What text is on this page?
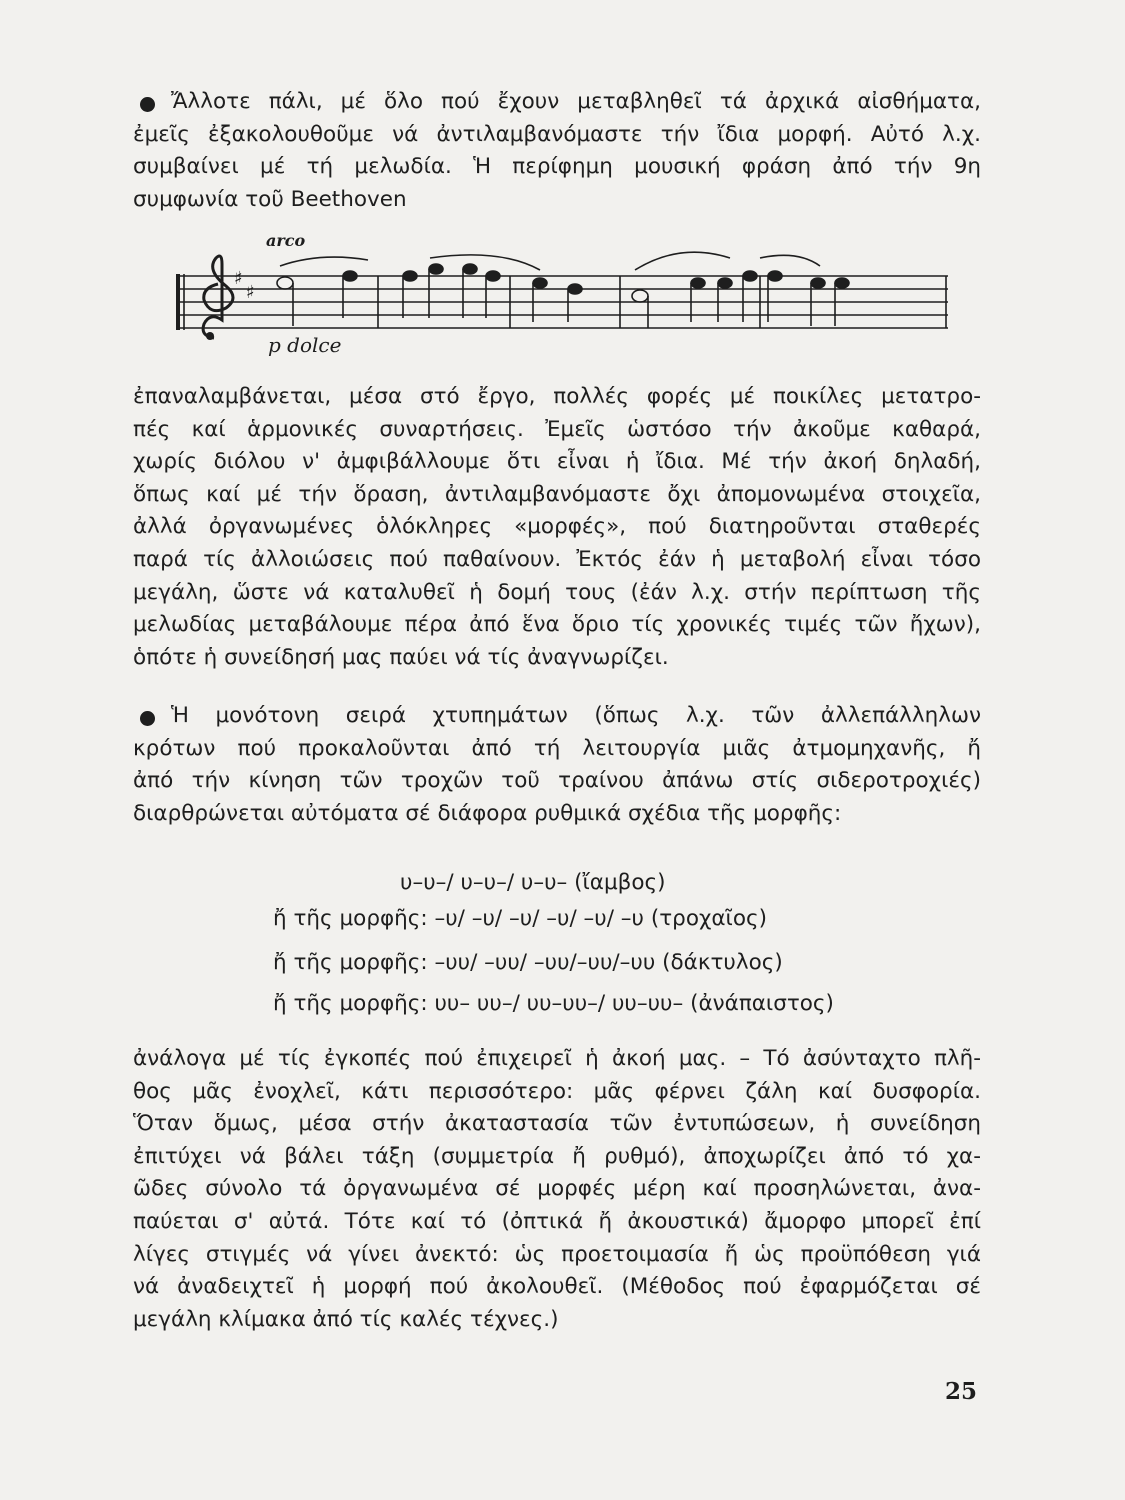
Ἄλλοτε πάλι, μέ ὅλο πού ἔχουν μεταβληθεῖ τά ἀρχικά αἰσθήματα,
ἐμεῖς ἐξακολουθοῦμε νά ἀντιλαμβανόμαστε τήν ἴδια μορφή. Αὐτό λ.χ.
συμβαίνει μέ τή μελωδία. Ἡ περίφημη μουσική φράση ἀπό τήν 9η
συμφωνία τοῦ Beethoven

♯
♯
arco
p dolce

ἐπαναλαμβάνεται, μέσα στό ἔργο, πολλές φορές μέ ποικίλες μετατρο-
πές καί ἁρμονικές συναρτήσεις. Ἐμεῖς ὡστόσο τήν ἀκοῦμε καθαρά,
χωρίς διόλου ν' ἀμφιβάλλουμε ὅτι εἶναι ἡ ἴδια. Μέ τήν ἀκοή δηλαδή,
ὅπως καί μέ τήν ὅραση, ἀντιλαμβανόμαστε ὄχι ἀπομονωμένα στοιχεῖα,
ἀλλά ὀργανωμένες ὁλόκληρες «μορφές», πού διατηροῦνται σταθερές
παρά τίς ἀλλοιώσεις πού παθαίνουν. Ἐκτός ἐάν ἡ μεταβολή εἶναι τόσο
μεγάλη, ὥστε νά καταλυθεῖ ἡ δομή τους (ἐάν λ.χ. στήν περίπτωση τῆς
μελωδίας μεταβάλουμε πέρα ἀπό ἕνα ὅριο τίς χρονικές τιμές τῶν ἤχων),
ὁπότε ἡ συνείδησή μας παύει νά τίς ἀναγνωρίζει.

Ἡ μονότονη σειρά χτυπημάτων (ὅπως λ.χ. τῶν ἀλλεπάλληλων
κρότων πού προκαλοῦνται ἀπό τή λειτουργία μιᾶς ἀτμομηχανῆς, ἤ
ἀπό τήν κίνηση τῶν τροχῶν τοῦ τραίνου ἀπάνω στίς σιδεροτροχιές)
διαρθρώνεται αὐτόματα σέ διάφορα ρυθμικά σχέδια τῆς μορφῆς:

υ–υ–/ υ–υ–/ υ–υ– (ἴαμβος)
ἤ τῆς μορφῆς: –υ/ –υ/ –υ/ –υ/ –υ/ –υ (τροχαῖος)
ἤ τῆς μορφῆς: –υυ/ –υυ/ –υυ/–υυ/–υυ (δάκτυλος)
ἤ τῆς μορφῆς: υυ– υυ–/ υυ–υυ–/ υυ–υυ– (ἀνάπαιστος)

ἀνάλογα μέ τίς ἐγκοπές πού ἐπιχειρεῖ ἡ ἀκοή μας. – Τό ἀσύνταχτο πλῆ-
θος μᾶς ἐνοχλεῖ, κάτι περισσότερο: μᾶς φέρνει ζάλη καί δυσφορία.
Ὅταν ὅμως, μέσα στήν ἀκαταστασία τῶν ἐντυπώσεων, ἡ συνείδηση
ἐπιτύχει νά βάλει τάξη (συμμετρία ἤ ρυθμό), ἀποχωρίζει ἀπό τό χα-
ῶδες σύνολο τά ὀργανωμένα σέ μορφές μέρη καί προσηλώνεται, ἀνα-
παύεται σ' αὐτά. Τότε καί τό (ὀπτικά ἤ ἀκουστικά) ἄμορφο μπορεῖ ἐπί
λίγες στιγμές νά γίνει ἀνεκτό: ὡς προετοιμασία ἤ ὡς προϋπόθεση γιά
νά ἀναδειχτεῖ ἡ μορφή πού ἀκολουθεῖ. (Μέθοδος πού ἐφαρμόζεται σέ
μεγάλη κλίμακα ἀπό τίς καλές τέχνες.)

25
